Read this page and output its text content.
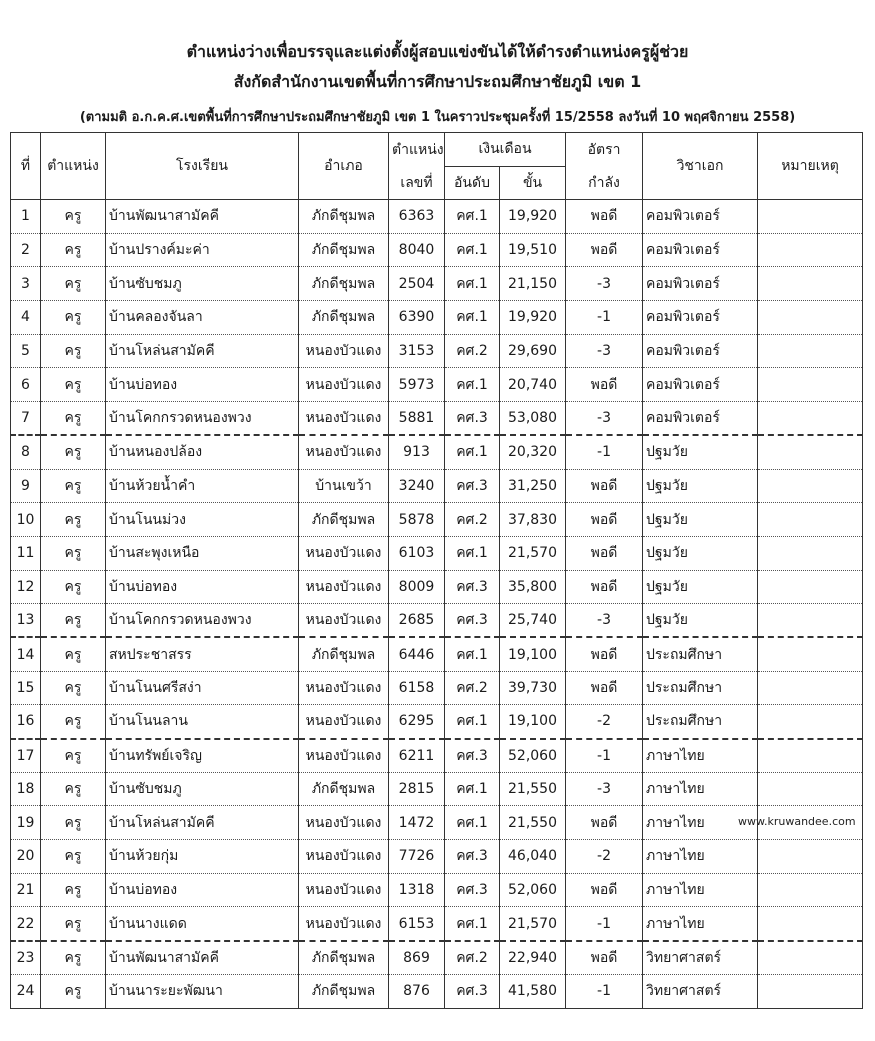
ตำแหน่งว่างเพื่อบรรจุและแต่งตั้งผู้สอบแข่งขันได้ให้ดำรงตำแหน่งครูผู้ช่วย
สังกัดสำนักงานเขตพื้นที่การศึกษาประถมศึกษาชัยภูมิ เขต 1
(ตามมติ อ.ก.ค.ศ.เขตพื้นที่การศึกษาประถมศึกษาชัยภูมิ เขต 1 ในคราวประชุมครั้งที่ 15/2558 ลงวันที่ 10 พฤศจิกายน 2558)
ที่	ตำแหน่ง	โรงเรียน	อำเภอ	ตำแหน่ง	เงินเดือน		อัตรา	วิชาเอก	หมายเหตุ
				เลขที่	อันดับ	ขั้น	กำลัง		
1	ครู	บ้านพัฒนาสามัคคี	ภักดีชุมพล	6363	คศ.1	19,920	พอดี	คอมพิวเตอร์	
2	ครู	บ้านปรางค์มะค่า	ภักดีชุมพล	8040	คศ.1	19,510	พอดี	คอมพิวเตอร์	
3	ครู	บ้านซับชมภู	ภักดีชุมพล	2504	คศ.1	21,150	-3	คอมพิวเตอร์	
4	ครู	บ้านคลองจันลา	ภักดีชุมพล	6390	คศ.1	19,920	-1	คอมพิวเตอร์	
5	ครู	บ้านโหล่นสามัคคี	หนองบัวแดง	3153	คศ.2	29,690	-3	คอมพิวเตอร์	
6	ครู	บ้านบ่อทอง	หนองบัวแดง	5973	คศ.1	20,740	พอดี	คอมพิวเตอร์	
7	ครู	บ้านโคกกรวดหนองพวง	หนองบัวแดง	5881	คศ.3	53,080	-3	คอมพิวเตอร์	
8	ครู	บ้านหนองปล้อง	หนองบัวแดง	913	คศ.1	20,320	-1	ปฐมวัย	
9	ครู	บ้านห้วยน้ำคำ	บ้านเขว้า	3240	คศ.3	31,250	พอดี	ปฐมวัย	
10	ครู	บ้านโนนม่วง	ภักดีชุมพล	5878	คศ.2	37,830	พอดี	ปฐมวัย	
11	ครู	บ้านสะพุงเหนือ	หนองบัวแดง	6103	คศ.1	21,570	พอดี	ปฐมวัย	
12	ครู	บ้านบ่อทอง	หนองบัวแดง	8009	คศ.3	35,800	พอดี	ปฐมวัย	
13	ครู	บ้านโคกกรวดหนองพวง	หนองบัวแดง	2685	คศ.3	25,740	-3	ปฐมวัย	
14	ครู	สหประชาสรร	ภักดีชุมพล	6446	คศ.1	19,100	พอดี	ประถมศึกษา	
15	ครู	บ้านโนนศรีสง่า	หนองบัวแดง	6158	คศ.2	39,730	พอดี	ประถมศึกษา	
16	ครู	บ้านโนนลาน	หนองบัวแดง	6295	คศ.1	19,100	-2	ประถมศึกษา	
17	ครู	บ้านทรัพย์เจริญ	หนองบัวแดง	6211	คศ.3	52,060	-1	ภาษาไทย	
18	ครู	บ้านซับชมภู	ภักดีชุมพล	2815	คศ.1	21,550	-3	ภาษาไทย	
19	ครู	บ้านโหล่นสามัคคี	หนองบัวแดง	1472	คศ.1	21,550	พอดี	ภาษาไทย	
20	ครู	บ้านห้วยกุ่ม	หนองบัวแดง	7726	คศ.3	46,040	-2	ภาษาไทย	
21	ครู	บ้านบ่อทอง	หนองบัวแดง	1318	คศ.3	52,060	พอดี	ภาษาไทย	
22	ครู	บ้านนางแดด	หนองบัวแดง	6153	คศ.1	21,570	-1	ภาษาไทย	
23	ครู	บ้านพัฒนาสามัคคี	ภักดีชุมพล	869	คศ.2	22,940	พอดี	วิทยาศาสตร์	
24	ครู	บ้านนาระยะพัฒนา	ภักดีชุมพล	876	คศ.3	41,580	-1	วิทยาศาสตร์	
www.kruwandee.com
